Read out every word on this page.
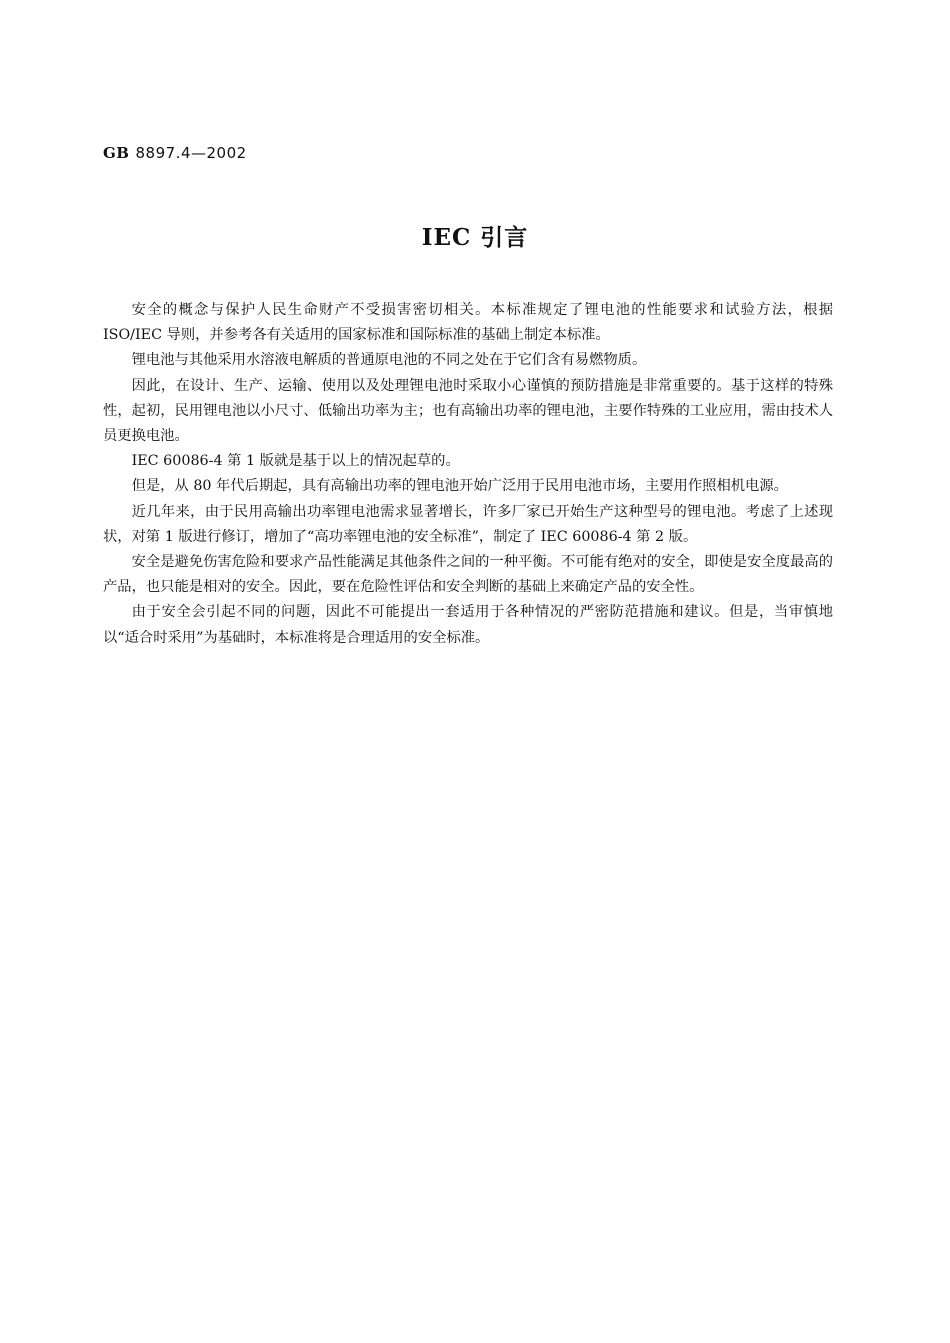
GB 8897.4—2002
IEC 引言

安全的概念与保护人民生命财产不受损害密切相关。本标准规定了锂电池的性能要求和试验方法，根据 ISO/IEC 导则，并参考各有关适用的国家标准和国际标准的基础上制定本标准。

锂电池与其他采用水溶液电解质的普通原电池的不同之处在于它们含有易燃物质。

因此，在设计、生产、运输、使用以及处理锂电池时采取小心谨慎的预防措施是非常重要的。基于这样的特殊性，起初，民用锂电池以小尺寸、低输出功率为主；也有高输出功率的锂电池，主要作特殊的工业应用，需由技术人员更换电池。

IEC 60086-4 第 1 版就是基于以上的情况起草的。

但是，从 80 年代后期起，具有高输出功率的锂电池开始广泛用于民用电池市场，主要用作照相机电源。

近几年来，由于民用高输出功率锂电池需求显著增长，许多厂家已开始生产这种型号的锂电池。考虑了上述现状，对第 1 版进行修订，增加了“高功率锂电池的安全标准”，制定了 IEC 60086-4 第 2 版。

安全是避免伤害危险和要求产品性能满足其他条件之间的一种平衡。不可能有绝对的安全，即使是安全度最高的产品，也只能是相对的安全。因此，要在危险性评估和安全判断的基础上来确定产品的安全性。

由于安全会引起不同的问题，因此不可能提出一套适用于各种情况的严密防范措施和建议。但是，当审慎地以“适合时采用”为基础时，本标准将是合理适用的安全标准。
